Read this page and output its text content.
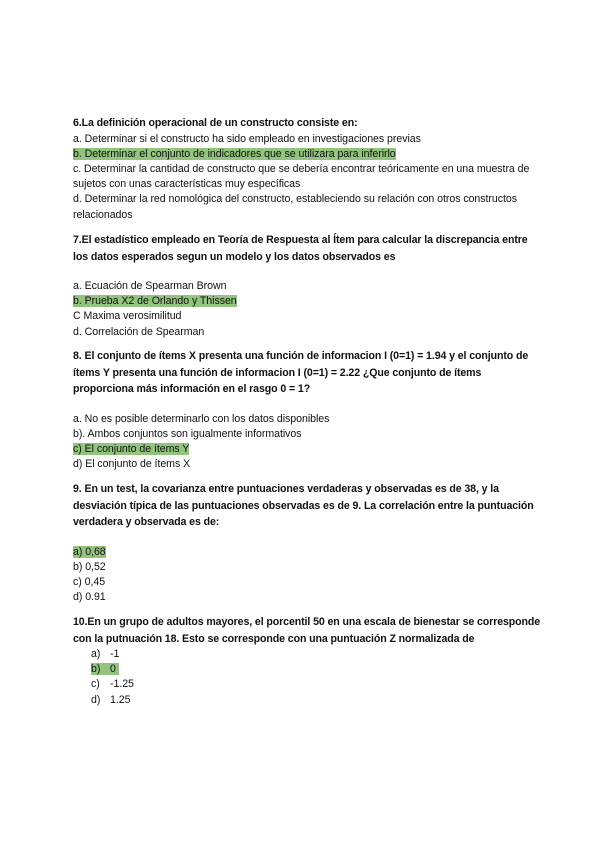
6.La definición operacional de un constructo consiste en:

a. Determinar si el constructo ha sido empleado en investigaciones previas
b. Determinar el conjunto de indicadores que se utilizara para inferirlo
c. Determinar la cantidad de constructo que se debería encontrar teóricamente en una muestra de sujetos con unas características muy específicas
d. Determinar la red nomológica del constructo, estableciendo su relación con otros constructos relacionados

7.El estadístico empleado en Teoría de Respuesta al Ítem para calcular la discrepancia entre los datos esperados segun un modelo y los datos observados es

a. Ecuación de Spearman Brown
b. Prueba X2 de Orlando y Thissen
C Maxima verosimilitud
d. Correlación de Spearman

8. El conjunto de ítems X presenta una función de informacion I (0=1) = 1.94 y el conjunto de ítems Y presenta una función de informacion I (0=1) = 2.22 ¿Que conjunto de ítems proporciona más información en el rasgo 0 = 1?

a. No es posible determinarlo con los datos disponibles
b). Ambos conjuntos son igualmente informativos
c) El conjunto de ítems Y
d) El conjunto de ítems X

9. En un test, la covarianza entre puntuaciones verdaderas y observadas es de 38, y la desviación típica de las puntuaciones observadas es de 9. La correlación entre la puntuación verdadera y observada es de:

a) 0,68
b) 0,52
c) 0,45
d) 0.91

10.En un grupo de adultos mayores, el porcentil 50 en una escala de bienestar se corresponde con la putnuación 18. Esto se corresponde con una puntuación Z normalizada de

a) -1
b) 0
c) -1.25
d) 1.25
